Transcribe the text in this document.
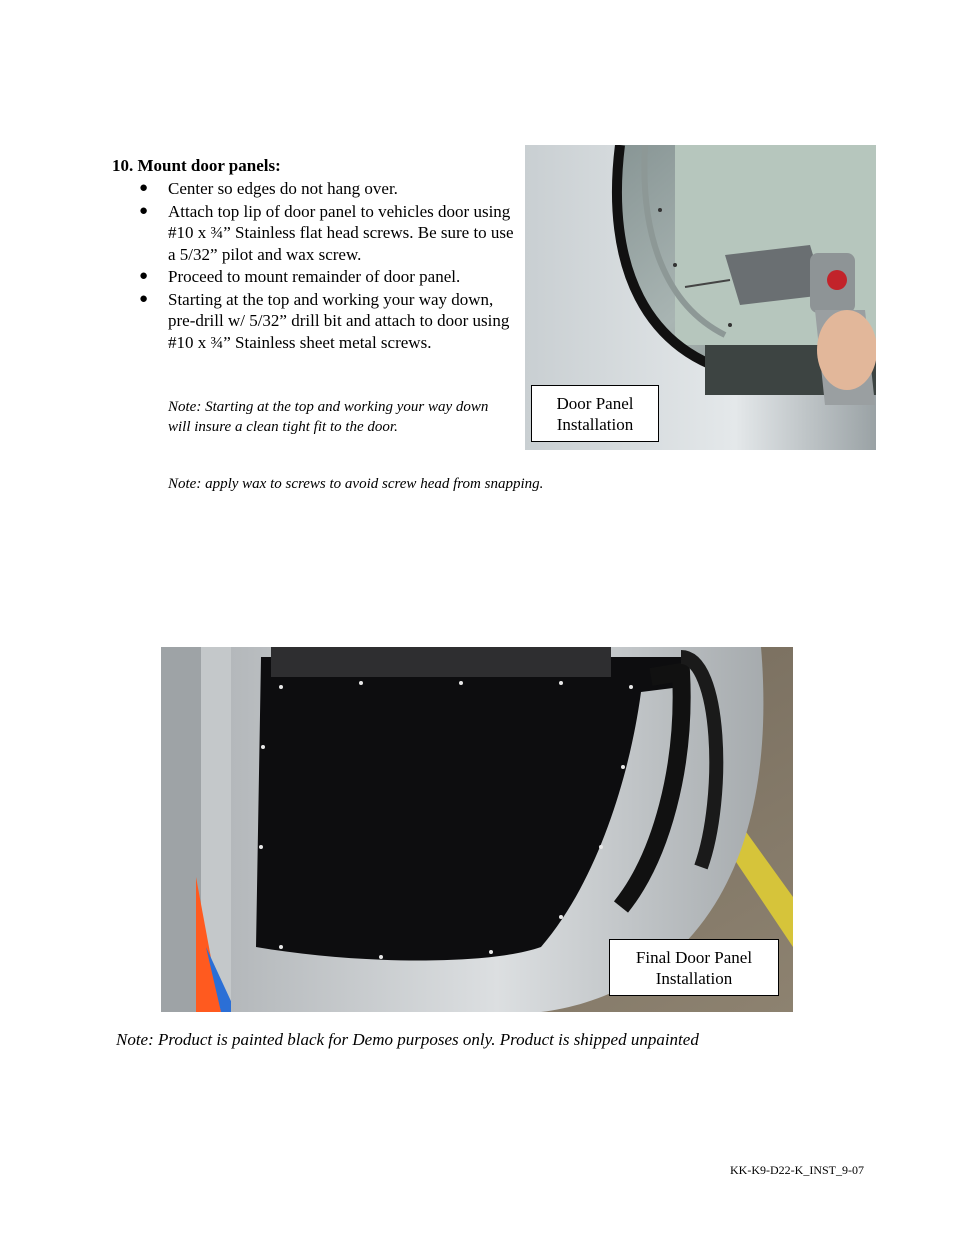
10. Mount door panels:
● Center so edges do not hang over.
● Attach top lip of door panel to vehicles door using #10 x ¾” Stainless flat head screws. Be sure to use a 5/32” pilot and wax screw.
● Proceed to mount remainder of door panel.
● Starting at the top and working your way down, pre-drill w/ 5/32” drill bit and attach to door using #10 x ¾” Stainless sheet metal screws.
Note: Starting at the top and working your way down will insure a clean tight fit to the door.
Note: apply wax to screws to avoid screw head from snapping.
Door Panel Installation
Final Door Panel Installation
Note: Product is painted black for Demo purposes only. Product is shipped unpainted
KK-K9-D22-K_INST_9-07
